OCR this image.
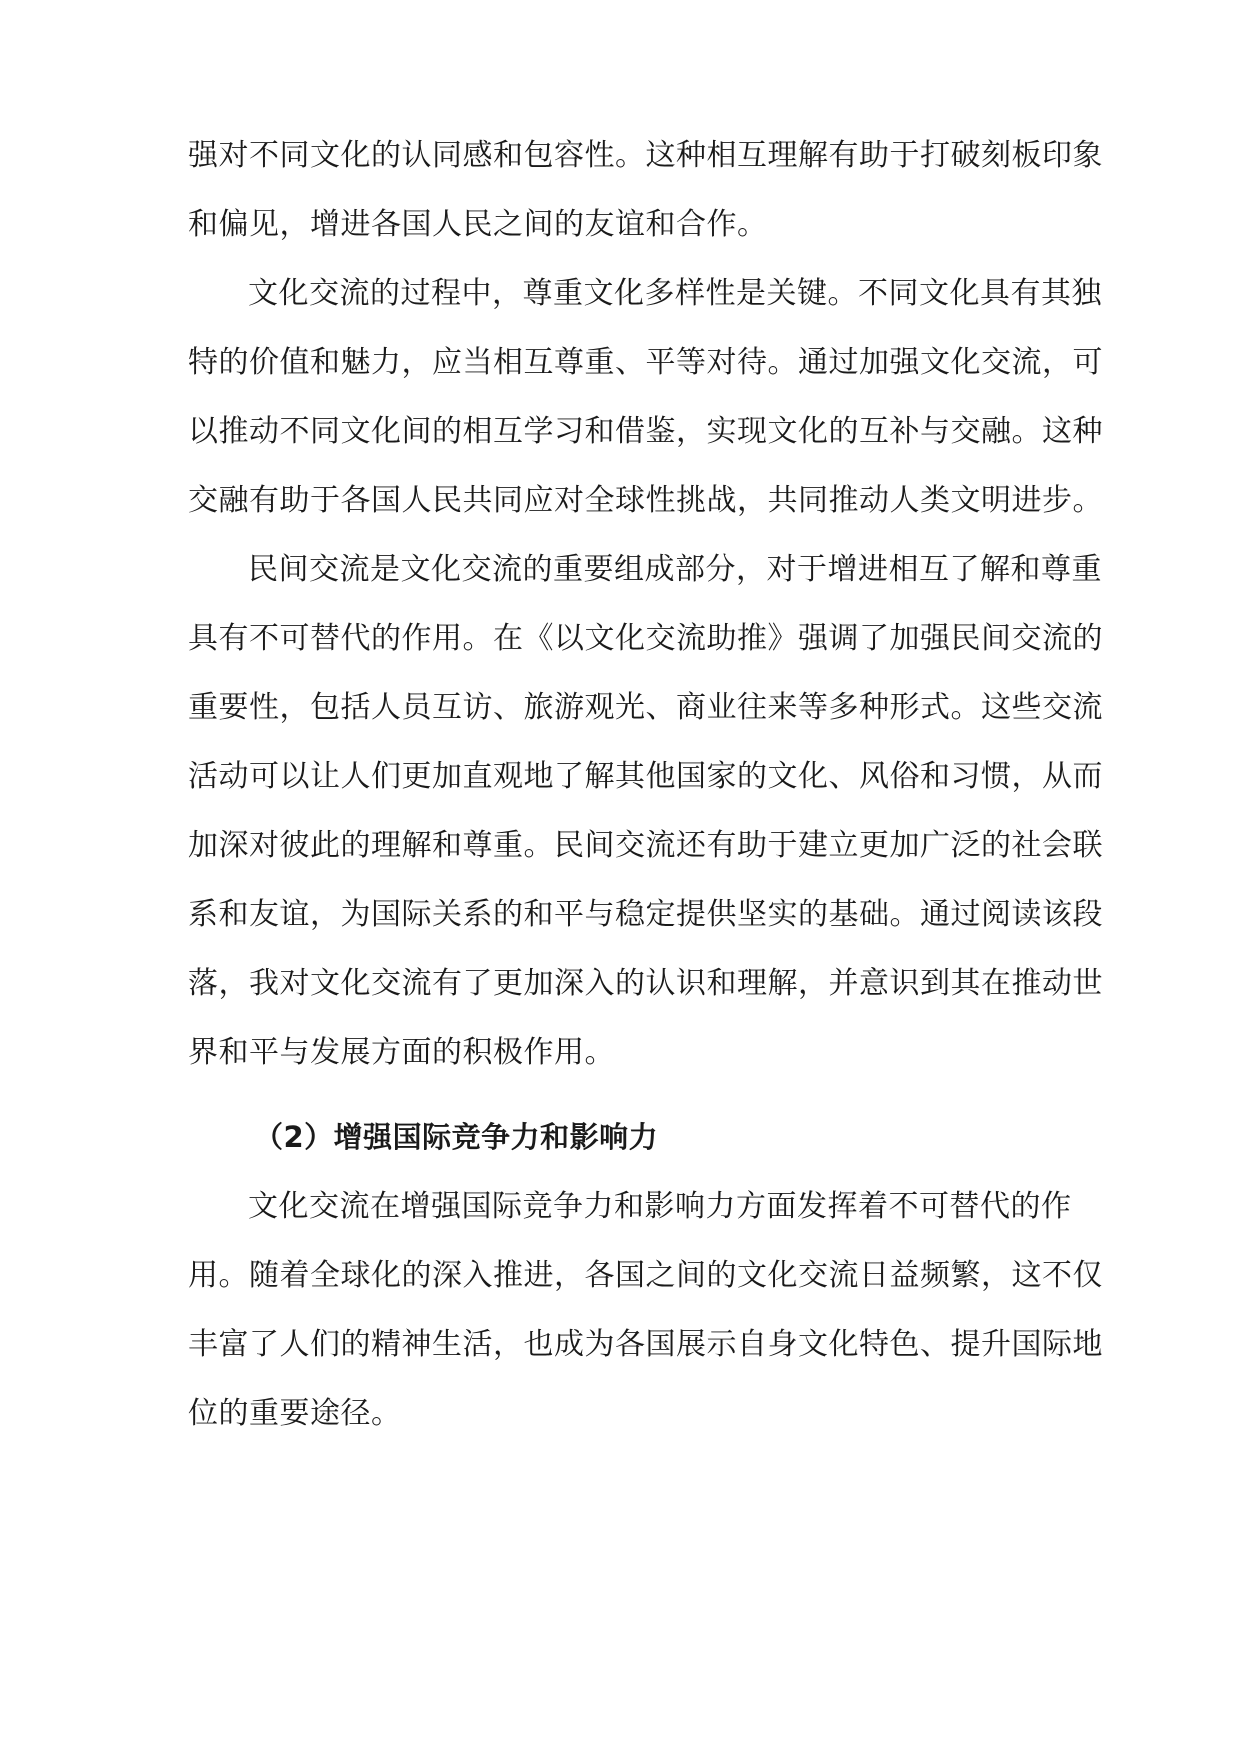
强对不同文化的认同感和包容性。这种相互理解有助于打破刻板印象
和偏见，增进各国人民之间的友谊和合作。
文化交流的过程中，尊重文化多样性是关键。不同文化具有其独
特的价值和魅力，应当相互尊重、平等对待。通过加强文化交流，可
以推动不同文化间的相互学习和借鉴，实现文化的互补与交融。这种
交融有助于各国人民共同应对全球性挑战，共同推动人类文明进步。
民间交流是文化交流的重要组成部分，对于增进相互了解和尊重
具有不可替代的作用。在《以文化交流助推》强调了加强民间交流的
重要性，包括人员互访、旅游观光、商业往来等多种形式。这些交流
活动可以让人们更加直观地了解其他国家的文化、风俗和习惯，从而
加深对彼此的理解和尊重。民间交流还有助于建立更加广泛的社会联
系和友谊，为国际关系的和平与稳定提供坚实的基础。通过阅读该段
落，我对文化交流有了更加深入的认识和理解，并意识到其在推动世
界和平与发展方面的积极作用。
（2）增强国际竞争力和影响力
文化交流在增强国际竞争力和影响力方面发挥着不可替代的作
用。随着全球化的深入推进，各国之间的文化交流日益频繁，这不仅
丰富了人们的精神生活，也成为各国展示自身文化特色、提升国际地
位的重要途径。
